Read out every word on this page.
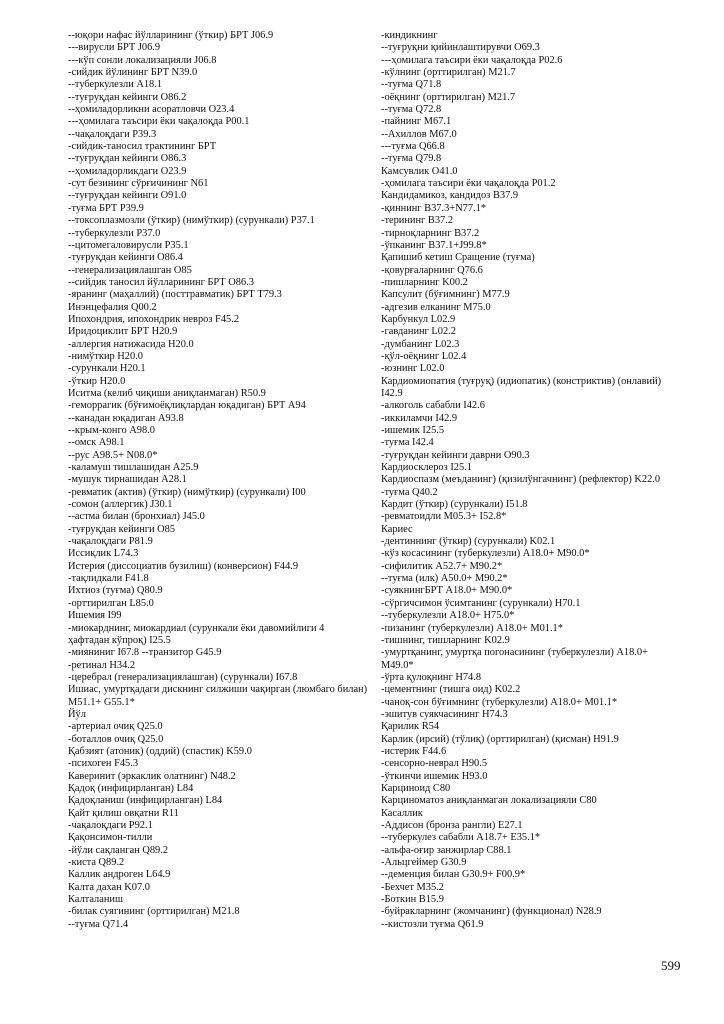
--юқори нафас йўлларининг (ўткир) БРТ J06.9
---вирусли БРТ J06.9
---кўп сонли локализацияли J06.8
-сийдик йўлининг БРТ N39.0
--туберкулезли A18.1
--туғруқдан кейинги O86.2
--ҳомиладорликни асоратловчи O23.4
---ҳомилага таъсири ёки чақалоқда P00.1
--чақалоқдаги P39.3
-сийдик-таносил трактининг БРТ
--туғруқдан кейинги O86.3
--ҳомиладорликдаги O23.9
-сут безининг сўрғичининг N61
--туғруқдан кейинги O91.0
-туғма БРТ P39.9
--токсоплазмозли (ўткир) (нимўткир) (сурункали) P37.1
--туберкулезли P37.0
--цитомегаловирусли P35.1
-туғруқдан кейинги O86.4
--генерализациялашган O85
--сийдик таносил йўлларининг БРТ O86.3
-яранинг (маҳаллий) (посттравматик) БРТ T79.3
Инэнцефалия Q00.2
Ипохондрия, ипохондрик невроз F45.2
Иридоциклит БРТ H20.9
-аллергия натижасида H20.0
-нимўткир H20.0
-сурункали H20.1
-ўткир H20.0
Иситма (келиб чиқиши аниқланмаган) R50.9
-геморрагик (бўғимоёқлиқлардан юқадиган) БРТ A94
--канадан юқадиган A93.8
--крым-конго A98.0
--омск A98.1
--рус A98.5+ N08.0*
-каламуш тишлашидан A25.9
-мушук тирнашидан A28.1
-ревматик (актив) (ўткир) (нимўткир) (сурункали) I00
-сомон (аллергик) J30.1
--астма билан (бронхиал) J45.0
-туғруқдан кейинги O85
-чақалоқдаги P81.9
Иссиқлик L74.3
Истерия (диссоциатив бузилиш) (конверсион) F44.9
-тақлидкали F41.8
Ихтиоз (туғма) Q80.9
-орттирилган L85.0
Ишемия I99
-миокарднинг, миокардиал (сурункали ёки давомийлиги 4 ҳафтадан кўпроқ) I25.5
-мияниниг I67.8 --транзитор G45.9
-ретинал H34.2
-церебрал (генерализациялашган) (сурункали) I67.8
Ишиас, умуртқадаги дискнинг силжиши чақирган (люмбаго билан) M51.1+ G55.1*
Йўл
-артериал очиқ Q25.0
-боталлов очиқ Q25.0
Қабзият (атоник) (оддий) (спастик) K59.0
-психоген F45.3
Каверинит (эркаклик олатнинг) N48.2
Қадоқ (инфицирланган) L84
Қадоқланиш (инфицирланган) L84
Қайт қилиш овқатни R11
-чақалоқдаги P92.1
Қақонсимон-тилли
-йўли сақланган Q89.2
-киста Q89.2
Каллик андроген L64.9
Калта дахан K07.0
Калталаниш
-билак суягининг (орттирилган) M21.8
--туғма Q71.4
-киндикнинг
--туғруқни қийинлаштирувчи O69.3
---ҳомилага таъсири ёки чақалоқда P02.6
-кўлнинг (орттирилган) M21.7
--туғма Q71.8
-оёқнинг (орттирилган) M21.7
--туғма Q72.8
-пайнинг M67.1
--Ахиллов M67.0
---туғма Q66.8
--туғма Q79.8
Камсувлик O41.0
-ҳомилага таъсири ёки чақалоқда P01.2
Кандидамикоз, кандидоз B37.9
-қиннинг B37.3+N77.1*
-терининг B37.2
-тирноқларнинг B37.2
-ўпканинг B37.1+J99.8*
Қапишиб кетиш Сращение (туғма)
-қовурғаларнинг Q76.6
-пишларнинг K00.2
Капсулит (бўғимнинг) M77.9
-адгезив елканинг M75.0
Карбункул L02.9
-гавданинг L02.2
-думбанинг L02.3
-қўл-оёқнинг L02.4
-юзнинг L02.0
Кардиомиопатия (туғруқ) (идиопатик) (констриктив) (онлавий) I42.9
-алкоголь сабабли I42.6
-иккиламчи I42.9
-ишемик I25.5
-туғма I42.4
-туғруқдан кейинги даврни O90.3
Кардиосклероз I25.1
Кардиоспазм (меъданинг) (қизилўнгачнинг) (рефлектор) K22.0
-туғма Q40.2
Кардит (ўткир) (сурункали) I51.8
-ревматоидли M05.3+ I52.8*
Кариес
-дентиннинг (ўткир) (сурункали) K02.1
-кўз косасининг (туберкулезли) A18.0+ M90.0*
-сифилитик A52.7+ M90.2*
--туғма (илк) A50.0+ M90.2*
-суякнингБРТ A18.0+ M90.0*
-сўргичсимон ўсимтанинг (сурункали) H70.1
--туберкулезли A18.0+ H75.0*
-пизанинг (туберкулезли) A18.0+ M01.1*
-тишнинг, тишларнинг K02.9
-умуртқанинг, умуртқа погонасининг (туберкулезли) A18.0+ M49.0*
-ўрта қулоқнинг H74.8
-цементнинг (тишга оид) K02.2
-чаноқ-сон бўғимнинг (туберкулезли) A18.0+ M01.1*
-эшитув суякчасининг H74.3
Қарилик R54
Карлик (ирсий) (тўлиқ) (орттирилган) (қисман) H91.9
-истерик F44.6
-сенсорно-неврал H90.5
-ўткинчи ишемик H93.0
Карциноид C80
Карциноматоз аниқланмаган локализацияли C80
Касаллик
-Аддисон (бронза рангли) E27.1
--туберкулез сабабли A18.7+ E35.1*
-альфа-оғир занжирлар C88.1
-Альцгеймер G30.9
--деменция билан G30.9+ F00.9*
-Бехчет M35.2
-Боткин B15.9
-буйракларнинг (жомчанинг) (функционал) N28.9
--кистозли туғма Q61.9
599
